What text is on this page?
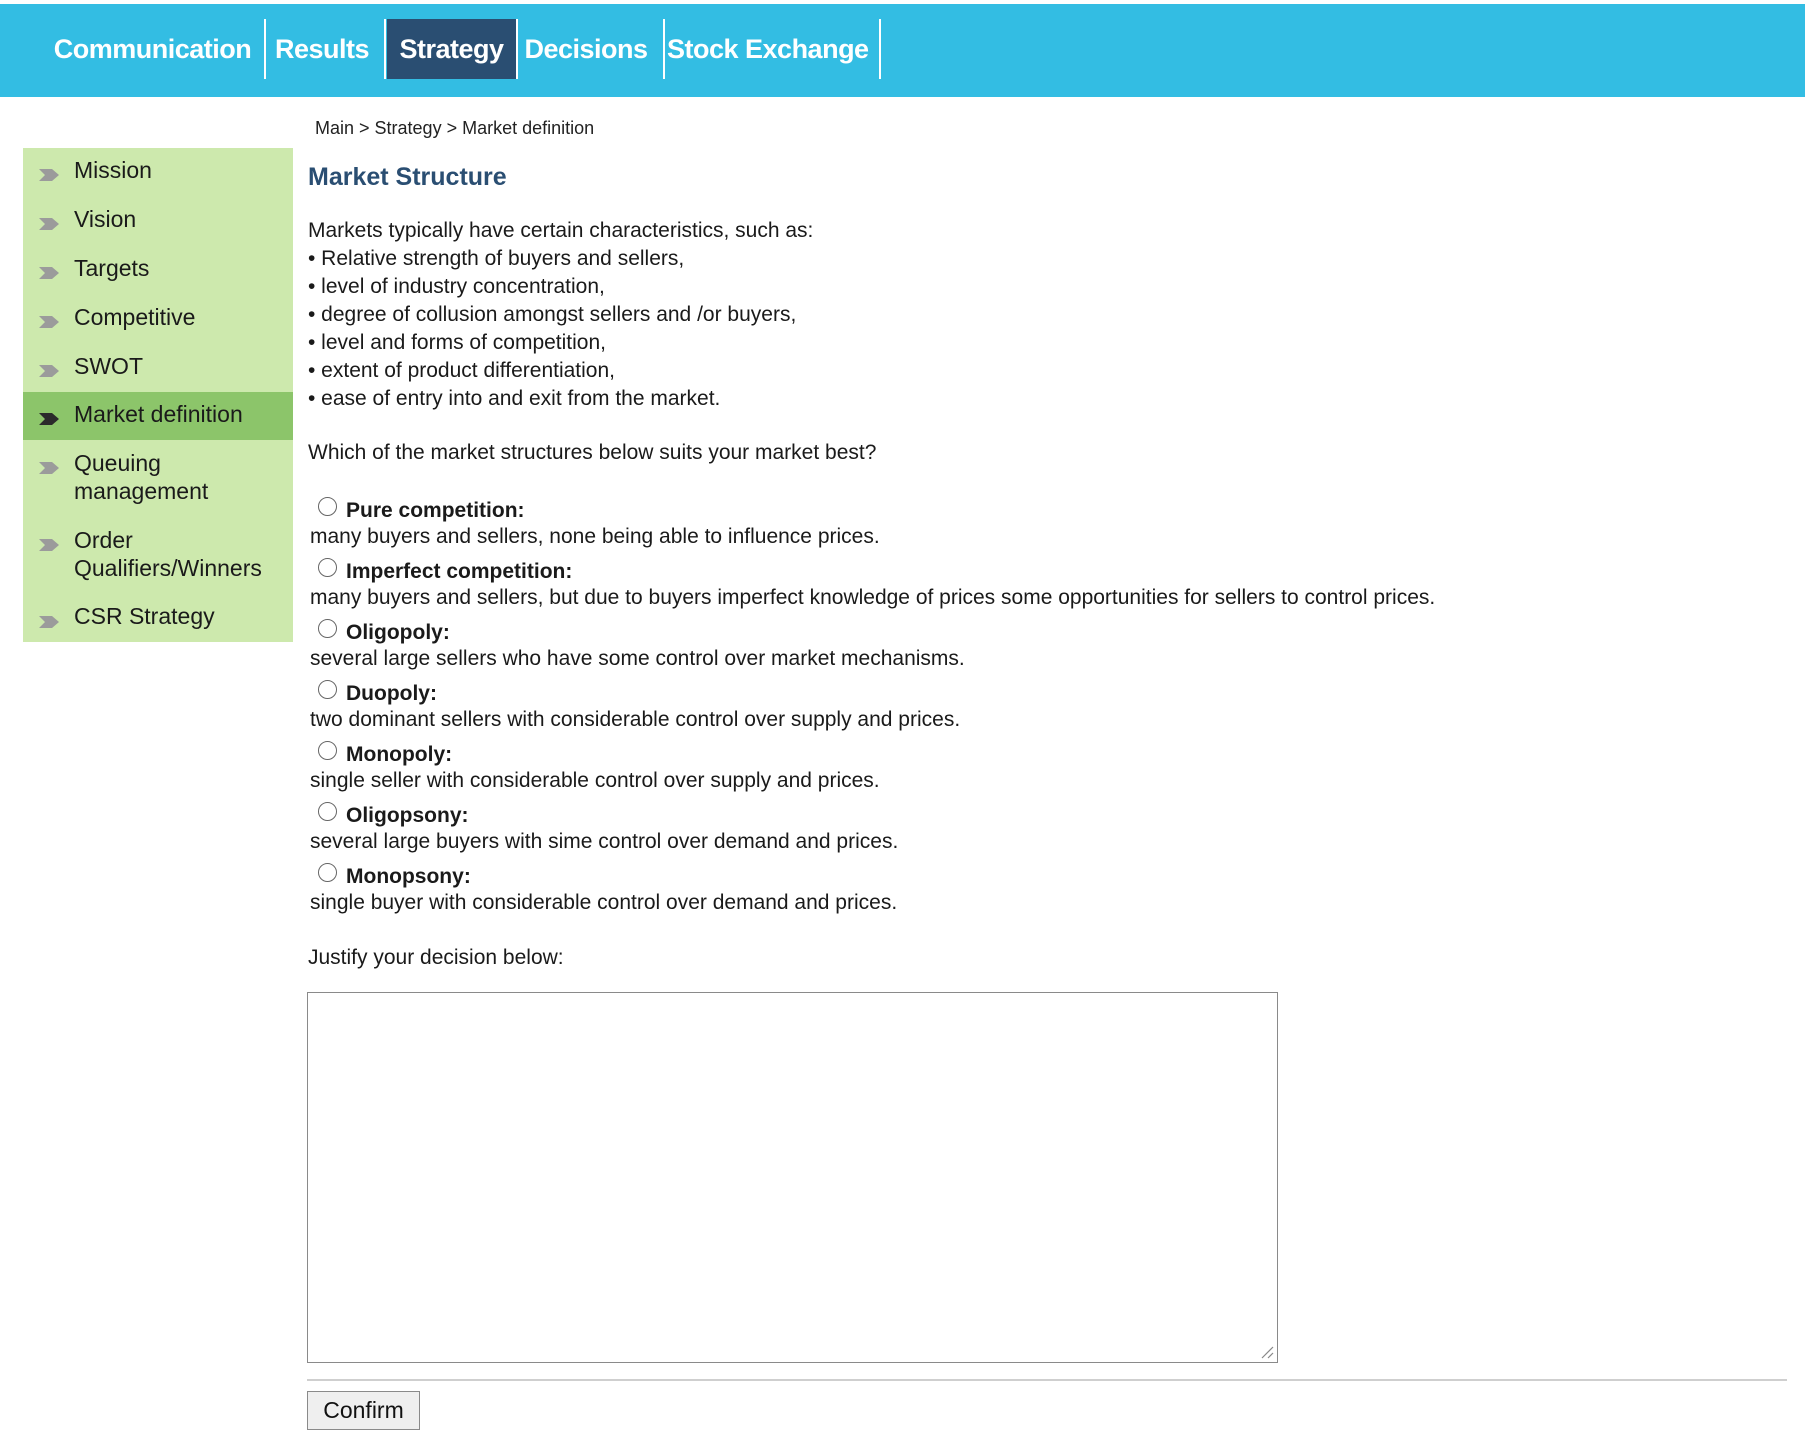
Communication Results	Strategy Decisions Stock Exchange
Main > Strategy > Market definition
Mission
Vision
Targets
Competitive
SWOT
Market definition
Queuing management
Order Qualifiers/Winners
CSR Strategy
Market Structure
Markets typically have certain characteristics, such as:
• Relative strength of buyers and sellers,
• level of industry concentration,
• degree of collusion amongst sellers and /or buyers,
• level and forms of competition,
• extent of product differentiation,
• ease of entry into and exit from the market.
Which of the market structures below suits your market best?
Pure competition:
many buyers and sellers, none being able to influence prices.
Imperfect competition:
many buyers and sellers, but due to buyers imperfect knowledge of prices some opportunities for sellers to control prices.
Oligopoly:
several large sellers who have some control over market mechanisms.
Duopoly:
two dominant sellers with considerable control over supply and prices.
Monopoly:
single seller with considerable control over supply and prices.
Oligopsony:
several large buyers with sime control over demand and prices.
Monopsony:
single buyer with considerable control over demand and prices.
Justify your decision below:
Confirm
